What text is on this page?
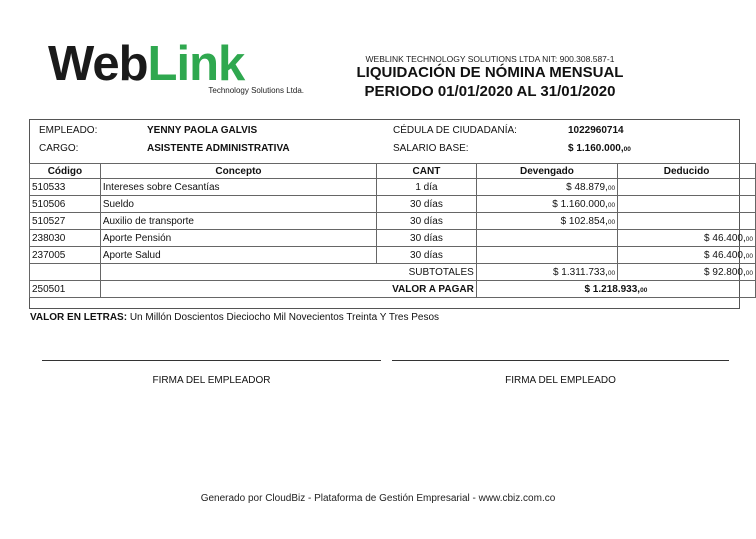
WebLink
Technology Solutions Ltda.
WEBLINK TECHNOLOGY SOLUTIONS LTDA NIT: 900.308.587-1
LIQUIDACIÓN DE NÓMINA MENSUAL
PERIODO 01/01/2020 AL 31/01/2020
EMPLEADO:	YENNY PAOLA GALVIS	CÉDULA DE CIUDADANÍA:	1022960714
CARGO:	ASISTENTE ADMINISTRATIVA	SALARIO BASE:	$ 1.160.000,00
Código	Concepto	CANT	Devengado	Deducido
510533	Intereses sobre Cesantías	1 día	$ 48.879,00	
510506	Sueldo	30 días	$ 1.160.000,00	
510527	Auxilio de transporte	30 días	$ 102.854,00	
238030	Aporte Pensión	30 días		$ 46.400,00
237005	Aporte Salud	30 días		$ 46.400,00
	SUBTOTALES		$ 1.311.733,00	$ 92.800,00
250501	VALOR A PAGAR		$ 1.218.933,00	
VALOR EN LETRAS: Un Millón Doscientos Dieciocho Mil Novecientos Treinta Y Tres Pesos
FIRMA DEL EMPLEADOR	FIRMA DEL EMPLEADO
Generado por CloudBiz - Plataforma de Gestión Empresarial - www.cbiz.com.co
